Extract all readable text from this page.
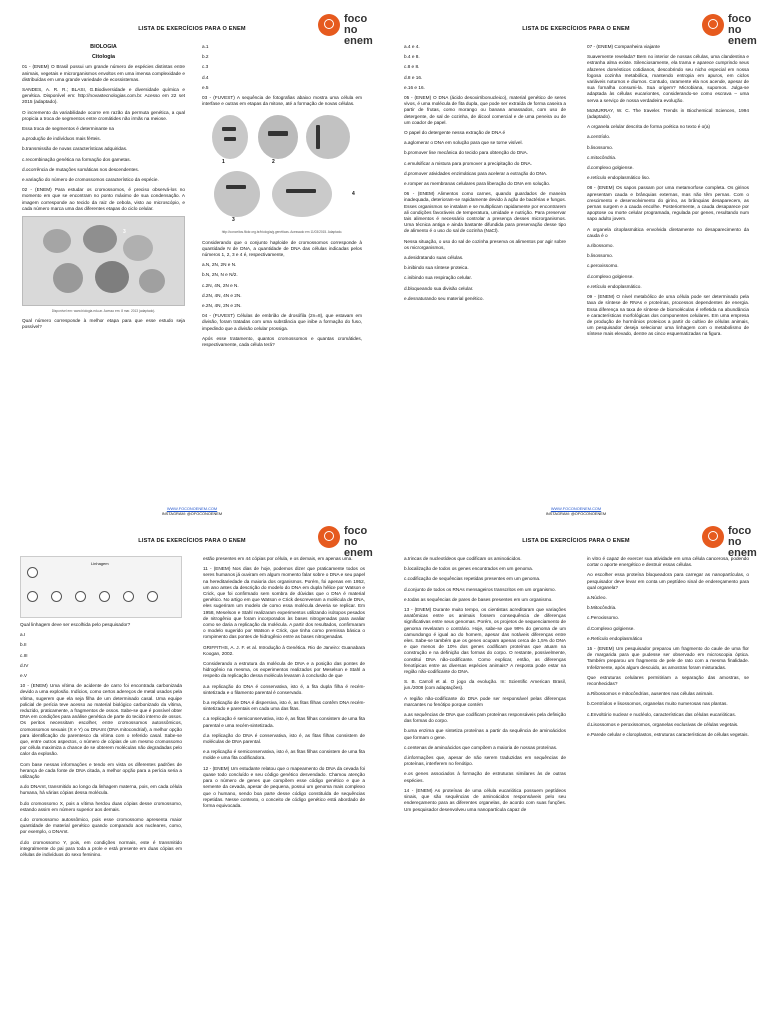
LISTA DE EXERCÍCIOS PARA O ENEM
foco
no enem

BIOLOGIA

Citologia

01 - (ENEM) O Brasil possui um grande número de espécies distintas entre animais, vegetais e microrganismos envoltos em uma imensa complexidade e distribuídas em uma grande variedade de ecossistemas.

SANDES, A. R. R.; BLASI, G.Biodiversidade e diversidade química e genética. Disponível em: http://novastecnologias.com.br. Acesso em 22 set 2015 (adaptado).

O incremento da variabilidade ocorre em razão da permuta genética, a qual propicia a troca de segmentos entre cromátides não irmãs na meiose.

Essa troca de segmentos é determinante na

a.produção de indivíduos mais férteis.

b.transmissão de novas características adquiridas.

c.recombinação genética na formação dos gametas.

d.ocorrência de mutações somáticas nos descendentes.

e.variação do número de cromossomos característico da espécie.

02 - (ENEM) Para estudar os cromossomos, é preciso observá-los no momento em que se encontram no ponto máximo de sua condensação. A imagem corresponde ao tecido da raiz de cebola, visto ao microscópio, e cada número marca uma das diferentes etapas do ciclo celular.

3
Disponível em: www.biologia.edu.ar. Acesso em: 8 mar. 2013 (adaptado).

Qual número corresponde à melhor etapa para que esse estudo seja possível?

a.1

b.2

c.3

d.4

e.5

03 - (FUVEST) A sequência de fotografias abaixo mostra uma célula em interfase e outras em etapas da mitose, até a formação de novas células.

1	2
3
4
http://conceitos.flickr.org.br/biologia/g.genéticas. Acessado em 11/03/2015. Adaptado.

Considerando que o conjunto haploide de cromossomos corresponde à quantidade N de DNA, a quantidade de DNA das células indicadas pelos números 1, 2, 3 e 4 é, respectivamente,

a.N, 2N, 2N e N.

b.N, 2N, N e N/2.

c.2N, 4N, 2N e N.

d.2N, 4N, 4N e 2N.

e.2N, 4N, 2N e 2N.

04 - (FUVEST) Células de embrião de drosófila (2n=8), que estavam em divisão, foram tratadas com uma substância que inibe a formação do fuso, impedindo que a divisão celular prossiga.

Após esse tratamento, quantos cromossomos e quantas cromátides, respectivamente, cada célula terá?

WWW.FOCONOENEM.COM
INSTAGRAM: @OFOCONOENEM
LISTA DE EXERCÍCIOS PARA O ENEM
foco
no enem

a.4 e 4.

b.4 e 8.

c.8 e 8.

d.8 e 16.

e.16 e 16.

05 - (ENEM) O DNA (ácido desoxirribonucleico), material genético de seres vivos, é uma molécula de fita dupla, que pode ser extraída de forma caseira a partir de frutas, como morango ou banana amassados, com uso de detergente, de sal de cozinha, de álcool comercial e de uma peneira ou de um coador de papel.

O papel do detergente nessa extração de DNA é

a.aglomerar o DNA em solução para que se torne visível.

b.promover lise mecânica do tecido para obtenção do DNA.

c.emulsificar a mistura para promover a precipitação do DNA.

d.promover atividades enzimáticas para acelerar a extração do DNA.

e.romper as membranas celulares para liberação do DNA em solução.

06 - (ENEM) Alimentos como carnes, quando guardados de maneira inadequada, deterioram-se rapidamente devido à ação de bactérias e fungos. Esses organismos se instalam e se multiplicam rapidamente por encontrarem ali condições favoráveis de temperatura, umidade e nutrição. Para preservar tais alimentos é necessário controlar a presença desses microrganismos. Uma técnica antiga e ainda bastante difundida para preservação desse tipo de alimento é o uso do sal de cozinha (NaCl).

Nessa situação, o uso do sal de cozinha preserva os alimentos por agir sobre os microrganismos,

a.desidratando suas células.

b.inibindo sua síntese proteica.

c.inibindo sua respiração celular.

d.bloqueando sua divisão celular.

e.desnaturando seu material genético.

07 - (ENEM) Companheira viajante

Suavemente revelada? Bem no interior de nossas células, uma clandestina e estranha alma existe. Silenciosamente, ela trama e aparece cumprindo seus afazeres domésticos cotidianos, descobrindo seu nicho especial em nossa fogosa cozinha metabólica, mantendo entropia em apuros, em ciclos variáveis noturnos e diurnos. Contudo, raramente ela nos acende, apesar de sua fornalha consumi-la. Sua origem? Microbiana, supomos. Julga-se adaptada às células eucariontes, considerando-se como escrava – uma serva a serviço de nossa verdadeira evolução.

McMURRAY, W. C. The traveler. Trends in Biochemical Sciences, 1994 (adaptado).

A organela celular descrita de forma poética no texto é o(a)

a.centríolo.

b.lisossomo.

c.mitocôndria.

d.complexo golgiense.

e.retículo endoplasmático liso.

08 - (ENEM) Os sapos passam por uma metamorfose completa. Os girinos apresentam cauda e brânquias externas, mas não têm pernas. Com o crescimento e desenvolvimento do girino, as brânquias desaparecem, as pernas surgem e a cauda encolhe. Posteriormente, a cauda desaparece por apoptose ou morte celular programada, regulada por genes, resultando num sapo adulto jovem.

A organela citoplasmática envolvida diretamente no desaparecimento da cauda é o

a.ribossomo.

b.lisossomo.

c.peroxissomo.

d.complexo golgiense.

e.retículo endoplasmático.

09 - (ENEM) O nível metabólico de uma célula pode ser determinado pela taxa de síntese de RNAs e proteínas, processos dependentes de energia. Essa diferença na taxa de síntese de biomoléculas é refletida na abundância e características morfológicas dos componentes celulares. Em uma empresa de produção de hormônios proteicos a partir do cultivo de células animais, um pesquisador deseja selecionar uma linhagem com o metabolismo de síntese mais elevado, dentre as cinco esquematizadas na figura.

WWW.FOCONOENEM.COM
INSTAGRAM: @OFOCONOENEM
LISTA DE EXERCÍCIOS PARA O ENEM
foco
no enem
Linhagem

Qual linhagem deve ser escolhida pelo pesquisador?

a.I

b.II

c.III

d.IV

e.V

10 - (ENEM) Uma vítima de acidente de carro foi encontrada carbonizada devido a uma explosão. Indícios, como certos adereços de metal usados pela vítima, sugerem que ela seja filha de um determinado casal. Uma equipe policial de perícia teve acesso ao material biológico carbonizado da vítima, reduzido, praticamente, a fragmentos de ossos. Sabe-se que é possível obter DNA em condições para análise genética de parte do tecido interno de ossos. Os peritos necessitam escolher, entre cromossomos autossômicos, cromossomos sexuais (X e Y) ou DNAmt (DNA mitocondrial), a melhor opção para identificação do parentesco da vítima com o referido casal. Sabe-se que, entre outros aspectos, o número de cópias de um mesmo cromossomo por célula maximiza a chance de se obterem moléculas não degradadas pelo calor da explosão.

Com base nessas informações e tendo em vista os diferentes padrões de herança de cada fonte de DNA citada, a melhor opção para a perícia seria a utilização

a.do DNAmt, transmitido ao longo da linhagem materna, pois, em cada célula humana, há várias cópias dessa molécula.

b.do cromossomo X, pois a vítima herdou duas cópias desse cromossomo, estando assim em número superior aos demais.

c.do cromossomo autossômico, pois esse cromossomo apresenta maior quantidade de material genético quando comparado aos nucleares, como, por exemplo, o DNAmt.

d.do cromossomo Y, pois, em condições normais, este é transmitido integralmente do pai para toda a prole e está presente em duas cópias em células de indivíduos do sexo feminino.

estão presentes em 44 cópias por célula, e os demais, em apenas uma.

11 - (ENEM) Nos dias de hoje, podemos dizer que praticamente todos os seres humanos já ouviram em algum momento falar sobre o DNA e seu papel na hereditariedade da maioria dos organismos. Porém, foi apenas em 1952, um ano antes da descrição do modelo do DNA em dupla hélice por Watson e Crick, que foi confirmado sem sombra de dúvidas que o DNA é material genético. No artigo em que Watson e Crick descreveram a molécula de DNA, eles sugeriram um modelo de como essa molécula deveria se replicar. Em 1958, Meselson e Stahl realizaram experimentos utilizando isótopos pesados de nitrogênio que foram incorporados às bases nitrogenadas para avaliar como se daria a replicação da molécula. A partir dos resultados, confirmaram o modelo sugerido por Watson e Crick, que tinha como premissa básica o rompimento das pontes de hidrogênio entre as bases nitrogenadas.

GRIFFITHS, A. J. F. et al. Introdução à Genética. Rio de Janeiro: Guanabara Koogan, 2002.

Considerando a estrutura da molécula de DNA e a posição das pontes de hidrogênio na mesma, os experimentos realizados por Meselson e Stahl a respeito da replicação dessa molécula levaram à conclusão de que

a.a replicação do DNA é conservativa, isto é, a fita dupla filha é recém-sintetizada e o filamento parental é conservado.

b.a replicação de DNA é dispersiva, isto é, as fitas filhas contêm DNA recém-sintetizado e parentais em cada uma das fitas.

c.a replicação é semiconservativa, isto é, as fitas filhas consistem de uma fita parental e uma recém-sintetizada.

d.a replicação do DNA é conservativa, isto é, as fitas filhas consistem de moléculas de DNA parental.

e.a replicação é semiconservativa, isto é, as fitas filhas consistem de uma fita molde e uma fita codificadora.

12 - (ENEM) Um estudante relatou que o mapeamento do DNA da cevada foi quase todo concluído e seu código genético desvendado. Chamou atenção para o número de genes que compõem esse código genético e que a semente da cevada, apesar de pequena, possui um genoma mais complexo que o humano, sendo boa parte desse código constituída de sequências repetidas. Nesse contexto, o conceito de código genético está abordado de forma equivocada.

LISTA DE EXERCÍCIOS PARA O ENEM
foco
no enem

a.trincas de nucleotídeos que codificam os aminoácidos.

b.localização de todos os genes encontrados em um genoma.

c.codificação de sequências repetidas presentes em um genoma.

d.conjunto de todos os RNAs mensageiros transcritos em um organismo.

e.todas as sequências de pares de bases presentes em um organismo.

13 - (ENEM) Durante muito tempo, os cientistas acreditaram que variações anatômicas entre os animais fossem consequência de diferenças significativas entre seus genomas. Porém, os projetos de sequenciamento de genoma revelaram o contrário. Hoje, sabe-se que 99% do genoma de um camundongo é igual ao do homem, apesar das notáveis diferenças entre eles. Sabe-se também que os genes ocupam apenas cerca de 1,5% do DNA e que menos de 10% dos genes codificam proteínas que atuam na construção e na definição das formas do corpo. O restante, possivelmente, constitui DNA não-codificante. Como explicar, então, as diferenças fenotípicas entre as diversas espécies animais? A resposta pode estar na região não-codificante do DNA.

S. B. Carroll et al. O jogo da evolução. In: Scientific American Brasil, jun./2008 (com adaptações).

A região não-codificante do DNA pode ser responsável pelas diferenças marcantes no fenótipo porque contém

a.as sequências de DNA que codificam proteínas responsáveis pela definição das formas do corpo.

b.uma enzima que sintetiza proteínas a partir da sequência de aminoácidos que formam o gene.

c.centenas de aminoácidos que compõem a maioria de nossas proteínas.

d.informações que, apesar de não serem traduzidas em sequências de proteínas, interferem no fenótipo.

e.os genes associados à formação de estruturas similares às de outras espécies.

14 - (ENEM) As proteínas de uma célula eucariótica possuem peptídeos sinais, que são sequências de aminoácidos responsáveis pelo seu endereçamento para as diferentes organelas, de acordo com suas funções. Um pesquisador desenvolveu uma nanopartícula capaz de

in vitro é capaz de exercer sua atividade em uma célula cancerosa, podendo cortar o aporte energético e destruir essas células.

Ao escolher essa proteína bloqueadora para carregar as nanopartículas, o pesquisador deve levar em conta um peptídeo sinal de endereçamento para qual organela?

a.Núcleo.

b.Mitocôndria.

c.Peroxissomo.

d.Complexo golgiense.

e.Retículo endoplasmático

15 - (ENEM) Um pesquisador preparou um fragmento do caule de uma flor de margarida para que pudesse ser observado em microscopia óptica. Também preparou um fragmento de pele de rato com a mesma finalidade. Infelizmente, após algum descuido, as amostras foram misturadas.

Que estruturas celulares permitiriam a separação das amostras, se reconhecidas?

a.Ribossomos e mitocôndrias, ausentes nas células animais.

b.Centríolos e lisossomos, organelas muito numerosas nas plantas.

c.Envoltório nuclear e nucléolo, características das células eucarióticas.

d.Lisossomos e peroxissomos, organelas exclusivas de células vegetais.

e.Parede celular e cloroplastos, estruturas características de células vegetais.
